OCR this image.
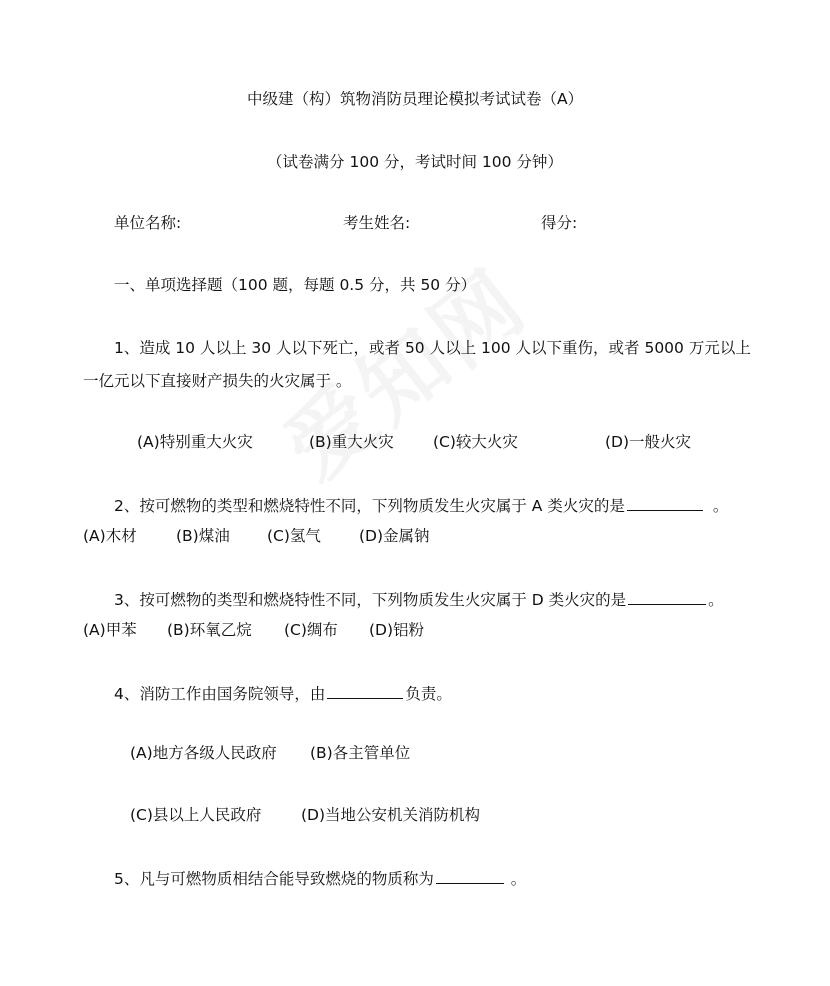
中级建（构）筑物消防员理论模拟考试试卷（A）
（试卷满分 100 分，考试时间 100 分钟）
单位名称:	考生姓名:	得分:
一、单项选择题（100 题，每题 0.5 分，共 50 分）
1、造成 10 人以上 30 人以下死亡，或者 50 人以上 100 人以下重伤，或者 5000 万元以上
一亿元以下直接财产损失的火灾属于 。
(A)特别重大火灾	(B)重大火灾	(C)较大火灾	(D)一般火灾
2、按可燃物的类型和燃烧特性不同，下列物质发生火灾属于 A 类火灾的是	。
(A)木材	(B)煤油 (C)氢气 (D)金属钠
3、按可燃物的类型和燃烧特性不同，下列物质发生火灾属于 D 类火灾的是	。
(A)甲苯 (B)环氧乙烷 (C)绸布 (D)铝粉
4、消防工作由国务院领导，由	负责。
(A)地方各级人民政府 (B)各主管单位
(C)县以上人民政府	(D)当地公安机关消防机构
5、凡与可燃物质相结合能导致燃烧的物质称为	。
